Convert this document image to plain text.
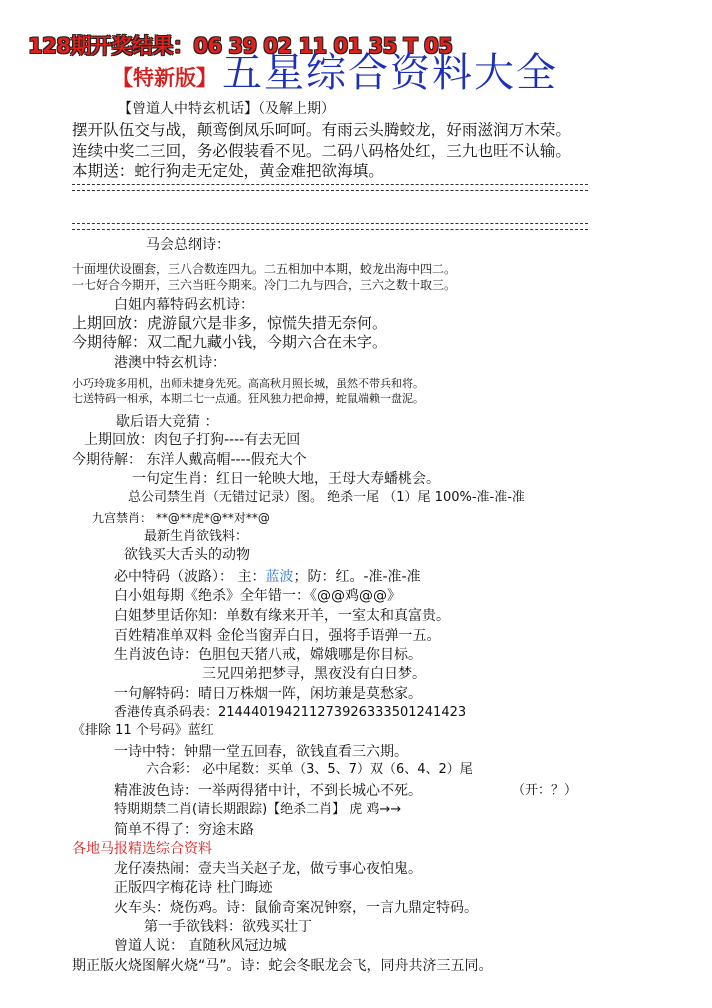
128期开奖结果：06 39 02 11 01 35 T 05
五星综合资料大全
【特新版】
【曾道人中特玄机话】（及解上期）
摆开队伍交与战，颠鸾倒凤乐呵呵。有雨云头腾蛟龙，好雨滋润万木荣。
连续中奖二三回，务必假装看不见。二码八码格处红，三九也旺不认输。
本期送：蛇行狗走无定处，黄金难把欲海填。
马会总纲诗：
十面埋伏设圈套，三八合数连四九。二五相加中本期，蛟龙出海中四二。
一七好合今期开，三六当旺今期来。冷门二九与四合，三六之数十取三。
白姐内幕特码玄机诗：
上期回放：虎游鼠穴是非多，惊慌失措无奈何。
今期待解：双二配九藏小钱，今期六合在未字。
港澳中特玄机诗：
小巧玲珑多用机，出师未捷身先死。高高秋月照长城，虽然不带兵和将。
七送特码一相承，本期二七一点通。狂风独力把命搏，蛇鼠端赖一盘泥。
歇后语大竞猜 ：
上期回放：肉包子打狗----有去无回
今期待解： 东洋人戴高帽----假充大个
一句定生肖：红日一轮映大地，王母大寿蟠桃会。
总公司禁生肖（无错过记录）图。 绝杀一尾 （1）尾 100%-准-准-准
九宫禁肖： **@**虎*@**对**@
最新生肖欲钱料：
欲钱买大舌头的动物
必中特码（波路）： 主：蓝波；防：红。-准-准-准
白小姐每期《绝杀》全年错一：《@@鸡@@》
白姐梦里话你知：单数有缘来开羊，一室太和真富贵。
百姓精准单双料 金伦当窗弄白日，强将手语弹一五。
生肖波色诗：色胆包天猪八戒，嫦娥哪是你目标。
三兄四弟把梦寻，黑夜没有白日梦。
一句解特码：晴日万株烟一阵，闲坊兼是莫愁家。
香港传真杀码表：21444019421127392633350124142​3
《排除 11 个号码》蓝红
一诗中特：钟鼎一堂五回春，欲钱直看三六期。
六合彩： 必中尾数：买单（3、5、7）双（6、4、2）尾
精准波色诗：一举两得猪中计，不到长城心不死。	（开：？）
特期期禁二肖(请长期跟踪)【绝杀二肖】 虎 鸡→→
简单不得了：穷途末路
各地马报精选综合资料
龙仔凑热闹：壹夫当关赵子龙，做亏事心夜怕鬼。
正版四字梅花诗 杜门晦迹
火车头：烧伤鸡。诗：鼠偷奇案况钟察，一言九鼎定特码。
第一手欲钱料：欲残买壮丁
曾道人说： 直随秋风冠边城
期正版火烧图解火烧“马”。诗：蛇会冬眠龙会飞，同舟共济三五同。
